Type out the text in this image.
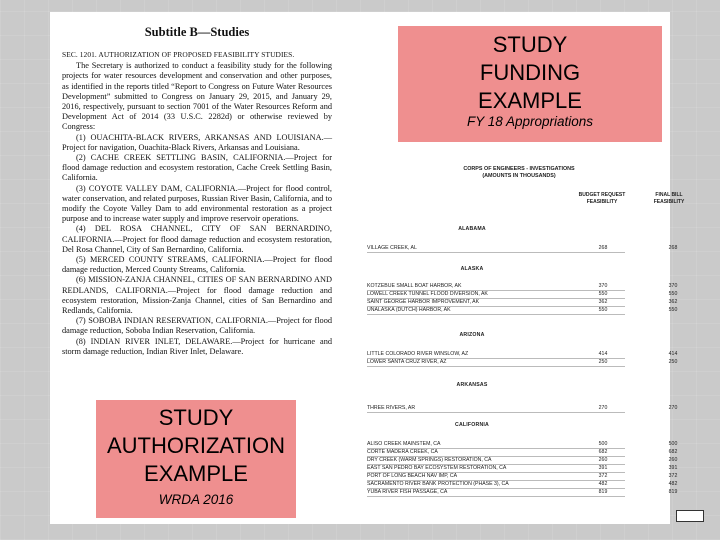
Subtitle B—Studies
SEC. 1201. AUTHORIZATION OF PROPOSED FEASIBILITY STUDIES.

The Secretary is authorized to conduct a feasibility study for the following projects for water resources development and conservation and other purposes, as identified in the reports titled “Report to Congress on Future Water Resources Development” submitted to Congress on January 29, 2015, and January 29, 2016, respectively, pursuant to section 7001 of the Water Resources Reform and Development Act of 2014 (33 U.S.C. 2282d) or otherwise reviewed by Congress:

(1) OUACHITA-BLACK RIVERS, ARKANSAS AND LOUISIANA.—Project for navigation, Ouachita-Black Rivers, Arkansas and Louisiana.
(2) CACHE CREEK SETTLING BASIN, CALIFORNIA.—Project for flood damage reduction and ecosystem restoration, Cache Creek Settling Basin, California.
(3) COYOTE VALLEY DAM, CALIFORNIA.—Project for flood control, water conservation, and related purposes, Russian River Basin, California, and to modify the Coyote Valley Dam to add environmental restoration as a project purpose and to increase water supply and improve reservoir operations.
(4) DEL ROSA CHANNEL, CITY OF SAN BERNARDINO, CALIFORNIA.—Project for flood damage reduction and ecosystem restoration, Del Rosa Channel, City of San Bernardino, California.
(5) MERCED COUNTY STREAMS, CALIFORNIA.—Project for flood damage reduction, Merced County Streams, California.
(6) MISSION-ZANJA CHANNEL, CITIES OF SAN BERNARDINO AND REDLANDS, CALIFORNIA.—Project for flood damage reduction and ecosystem restoration, Mission-Zanja Channel, cities of San Bernardino and Redlands, California.
(7) SOBOBA INDIAN RESERVATION, CALIFORNIA.—Project for flood damage reduction, Soboba Indian Reservation, California.
(8) INDIAN RIVER INLET, DELAWARE.—Project for hurricane and storm damage reduction, Indian River Inlet, Delaware.
CORPS OF ENGINEERS - INVESTIGATIONS
(AMOUNTS IN THOUSANDS)
BUDGET REQUEST
FEASIBILITY
FINAL BILL
FEASIBILITY
ALABAMA
VILLAGE CREEK, AL	268	268
ALASKA
KOTZEBUE SMALL BOAT HARBOR, AK	370	370
LOWELL CREEK TUNNEL FLOOD DIVERSION, AK	550	550
SAINT GEORGE HARBOR IMPROVEMENT, AK	362	362
UNALASKA (DUTCH) HARBOR, AK	550	550
ARIZONA
LITTLE COLORADO RIVER WINSLOW, AZ	414	414
LOWER SANTA CRUZ RIVER, AZ	250	250
ARKANSAS
THREE RIVERS, AR	270	270
CALIFORNIA
ALISO CREEK MAINSTEM, CA	500	500
CORTE MADERA CREEK, CA	682	682
DRY CREEK (WARM SPRINGS) RESTORATION, CA	260	260
EAST SAN PEDRO BAY ECOSYSTEM RESTORATION, CA	391	391
PORT OF LONG BEACH NAV IMP, CA	372	372
SACRAMENTO RIVER BANK PROTECTION (PHASE 3), CA	482	482
YUBA RIVER FISH PASSAGE, CA	819	819
STUDY
FUNDING
EXAMPLE
FY 18 Appropriations
STUDY
AUTHORIZATION
EXAMPLE
WRDA 2016
